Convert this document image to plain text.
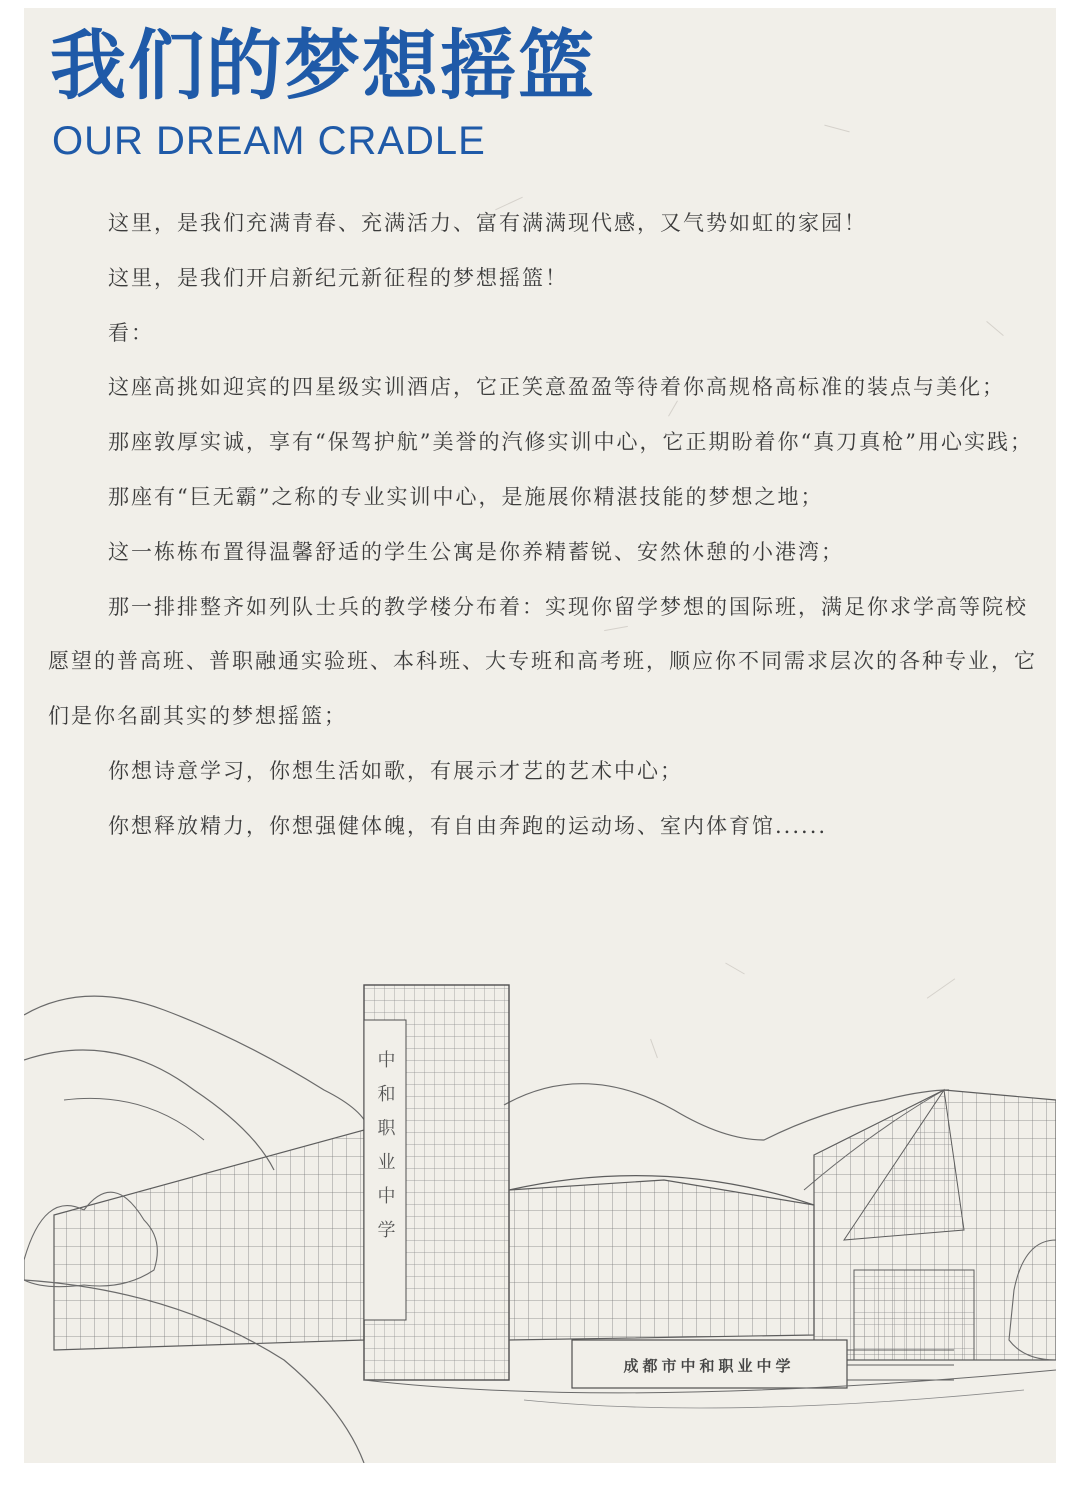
我们的梦想摇篮
OUR DREAM CRADLE

这里，是我们充满青春、充满活力、富有满满现代感，又气势如虹的家园！

这里，是我们开启新纪元新征程的梦想摇篮！

看：

这座高挑如迎宾的四星级实训酒店，它正笑意盈盈等待着你高规格高标准的装点与美化；

那座敦厚实诚，享有“保驾护航”美誉的汽修实训中心，它正期盼着你“真刀真枪”用心实践；

那座有“巨无霸”之称的专业实训中心，是施展你精湛技能的梦想之地；

这一栋栋布置得温馨舒适的学生公寓是你养精蓄锐、安然休憩的小港湾；

那一排排整齐如列队士兵的教学楼分布着：实现你留学梦想的国际班，满足你求学高等院校愿望的普高班、普职融通实验班、本科班、大专班和高考班，顺应你不同需求层次的各种专业，它们是你名副其实的梦想摇篮；

你想诗意学习，你想生活如歌，有展示才艺的艺术中心；

你想释放精力，你想强健体魄，有自由奔跑的运动场、室内体育馆......

中和职业中学
成都市中和职业中学
